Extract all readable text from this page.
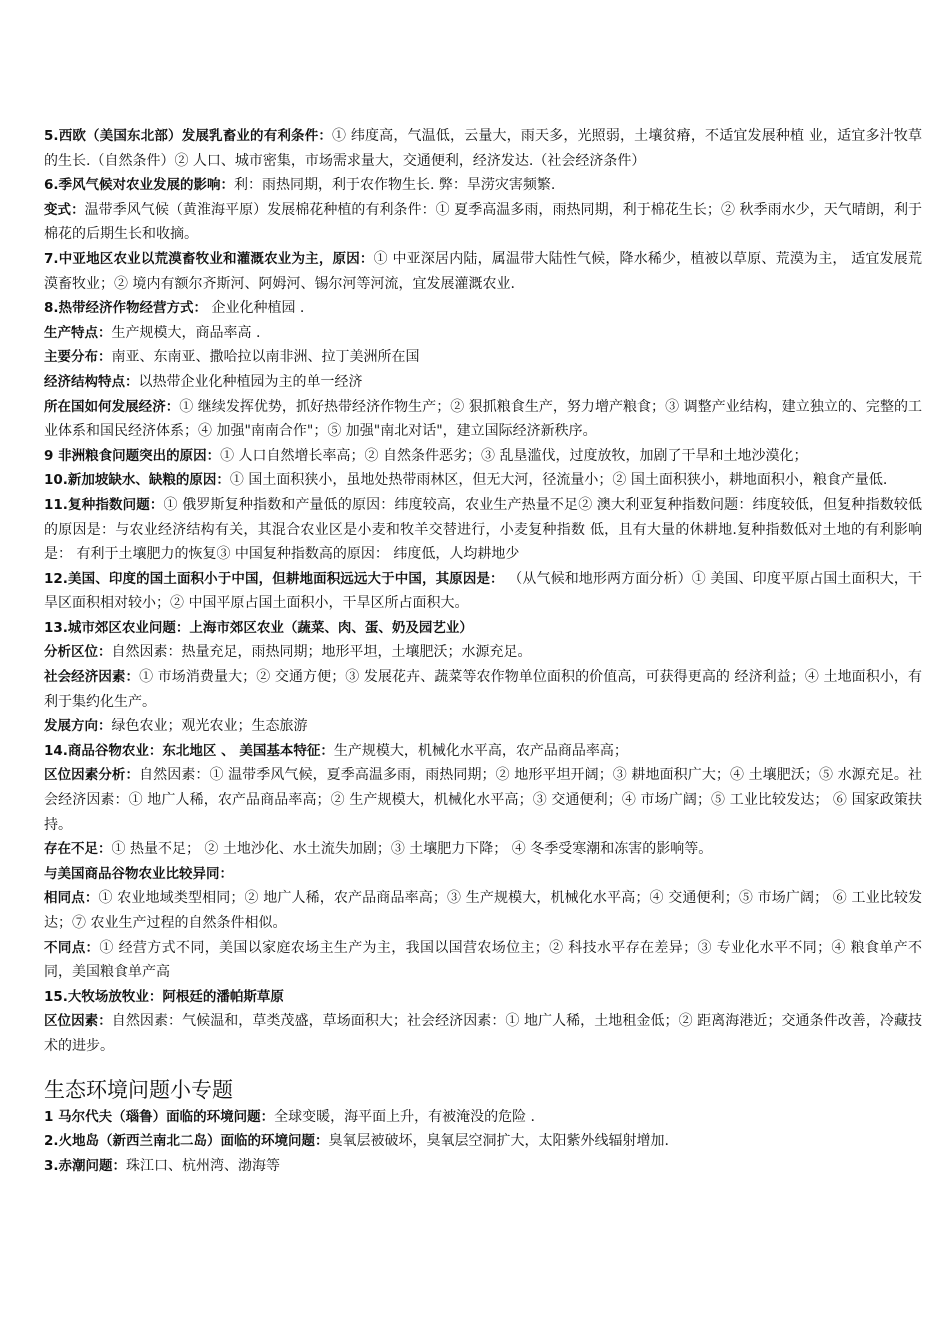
5.西欧（美国东北部）发展乳畜业的有利条件：① 纬度高，气温低，云量大，雨天多，光照弱，土壤贫瘠，不适宜发展种植 业，适宜多汁牧草的生长.（自然条件）② 人口、城市密集，市场需求量大，交通便利，经济发达.（社会经济条件）

6.季风气候对农业发展的影响：利：雨热同期，利于农作物生长. 弊：旱涝灾害频繁.

变式：温带季风气候（黄淮海平原）发展棉花种植的有利条件：① 夏季高温多雨，雨热同期，利于棉花生长；② 秋季雨水少，天气晴朗，利于棉花的后期生长和收摘。

7.中亚地区农业以荒漠畜牧业和灌溉农业为主，原因：① 中亚深居内陆，属温带大陆性气候，降水稀少，植被以草原、荒漠为主， 适宜发展荒漠畜牧业；② 境内有额尔齐斯河、阿姆河、锡尔河等河流，宜发展灌溉农业.

8.热带经济作物经营方式： 企业化种植园 .

生产特点：生产规模大，商品率高 .

主要分布：南亚、东南亚、撒哈拉以南非洲、拉丁美洲所在国

经济结构特点：以热带企业化种植园为主的单一经济

所在国如何发展经济：① 继续发挥优势，抓好热带经济作物生产；② 狠抓粮食生产，努力增产粮食；③ 调整产业结构，建立独立的、完整的工业体系和国民经济体系；④ 加强"南南合作"；⑤ 加强"南北对话"，建立国际经济新秩序。

9 非洲粮食问题突出的原因：① 人口自然增长率高；② 自然条件恶劣；③ 乱垦滥伐，过度放牧，加剧了干旱和土地沙漠化；

10.新加坡缺水、缺粮的原因：① 国土面积狭小，虽地处热带雨林区，但无大河，径流量小；② 国土面积狭小，耕地面积小，粮食产量低.

11.复种指数问题：① 俄罗斯复种指数和产量低的原因：纬度较高，农业生产热量不足② 澳大利亚复种指数问题：纬度较低，但复种指数较低的原因是：与农业经济结构有关，其混合农业区是小麦和牧羊交替进行，小麦复种指数 低，且有大量的休耕地.复种指数低对土地的有利影响是： 有利于土壤肥力的恢复③ 中国复种指数高的原因： 纬度低，人均耕地少

12.美国、印度的国土面积小于中国，但耕地面积远远大于中国，其原因是： （从气候和地形两方面分析）① 美国、印度平原占国土面积大，干旱区面积相对较小；② 中国平原占国土面积小，干旱区所占面积大。

13.城市郊区农业问题：上海市郊区农业（蔬菜、肉、蛋、奶及园艺业）

分析区位：自然因素：热量充足，雨热同期；地形平坦，土壤肥沃；水源充足。

社会经济因素：① 市场消费量大；② 交通方便；③ 发展花卉、蔬菜等农作物单位面积的价值高，可获得更高的 经济利益；④ 土地面积小，有利于集约化生产。

发展方向：绿色农业；观光农业；生态旅游

14.商品谷物农业：东北地区 、 美国基本特征：生产规模大，机械化水平高，农产品商品率高；

区位因素分析：自然因素：① 温带季风气候，夏季高温多雨，雨热同期；② 地形平坦开阔；③ 耕地面积广大；④ 土壤肥沃；⑤ 水源充足。社会经济因素：① 地广人稀，农产品商品率高；② 生产规模大，机械化水平高；③ 交通便利；④ 市场广阔；⑤ 工业比较发达； ⑥ 国家政策扶持。

存在不足：① 热量不足； ② 土地沙化、水土流失加剧；③ 土壤肥力下降； ④ 冬季受寒潮和冻害的影响等。

与美国商品谷物农业比较异同：

相同点：① 农业地域类型相同；② 地广人稀，农产品商品率高；③ 生产规模大，机械化水平高；④ 交通便利；⑤ 市场广阔； ⑥ 工业比较发达；⑦ 农业生产过程的自然条件相似。

不同点：① 经营方式不同，美国以家庭农场主生产为主，我国以国营农场位主；② 科技水平存在差异；③ 专业化水平不同；④ 粮食单产不同，美国粮食单产高

15.大牧场放牧业：阿根廷的潘帕斯草原

区位因素：自然因素：气候温和，草类茂盛，草场面积大；社会经济因素：① 地广人稀，土地租金低；② 距离海港近；交通条件改善，冷藏技术的进步。

生态环境问题小专题

1 马尔代夫（瑙鲁）面临的环境问题：全球变暖，海平面上升，有被淹没的危险 .

2.火地岛（新西兰南北二岛）面临的环境问题：臭氧层被破坏，臭氧层空洞扩大，太阳紫外线辐射增加.

3.赤潮问题：珠江口、杭州湾、渤海等
